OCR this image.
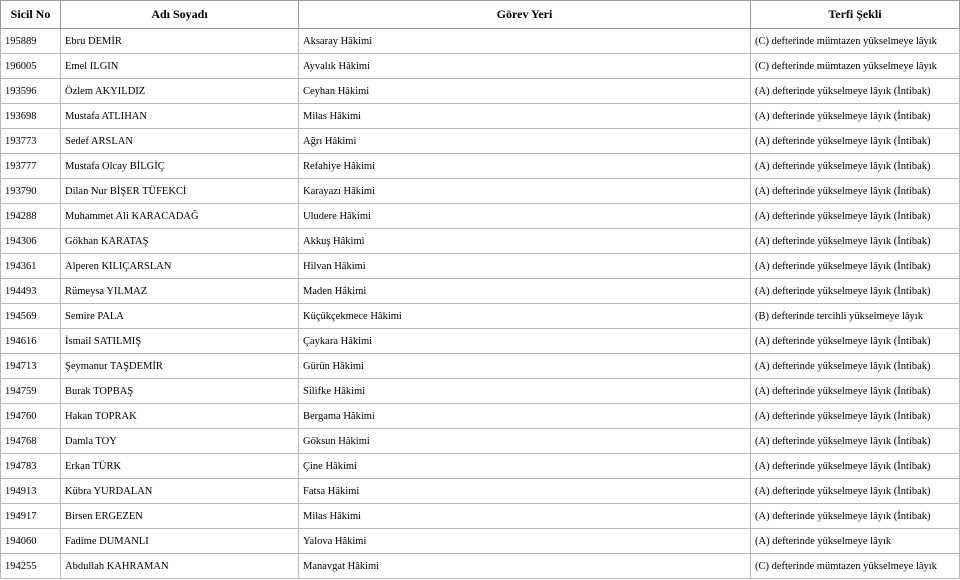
Sicil No	Adı Soyadı	Görev Yeri	Terfi Şekli
195889	Ebru DEMİR	Aksaray Hâkimi	(C) defterinde mümtazen yükselmeye lâyık
196005	Emel ILGIN	Ayvalık Hâkimi	(C) defterinde mümtazen yükselmeye lâyık
193596	Özlem AKYILDIZ	Ceyhan Hâkimi	(A) defterinde yükselmeye lâyık (İntibak)
193698	Mustafa ATLIHAN	Milas Hâkimi	(A) defterinde yükselmeye lâyık (İntibak)
193773	Sedef ARSLAN	Ağrı Hâkimi	(A) defterinde yükselmeye lâyık (İntibak)
193777	Mustafa Olcay BİLGİÇ	Refahiye Hâkimi	(A) defterinde yükselmeye lâyık (İntibak)
193790	Dilan Nur BİŞER TÜFEKCİ	Karayazı Hâkimi	(A) defterinde yükselmeye lâyık (İntibak)
194288	Muhammet Ali KARACADAĞ	Uludere Hâkimi	(A) defterinde yükselmeye lâyık (İntibak)
194306	Gökhan KARATAŞ	Akkuş Hâkimi	(A) defterinde yükselmeye lâyık (İntibak)
194361	Alperen KILIÇARSLAN	Hilvan Hâkimi	(A) defterinde yükselmeye lâyık (İntibak)
194493	Rümeysa YILMAZ	Maden Hâkimi	(A) defterinde yükselmeye lâyık (İntibak)
194569	Semire PALA	Küçükçekmece Hâkimi	(B) defterinde tercihli yükselmeye lâyık
194616	İsmail SATILMIŞ	Çaykara Hâkimi	(A) defterinde yükselmeye lâyık (İntibak)
194713	Şeymanur TAŞDEMİR	Gürün Hâkimi	(A) defterinde yükselmeye lâyık (İntibak)
194759	Burak TOPBAŞ	Silifke Hâkimi	(A) defterinde yükselmeye lâyık (İntibak)
194760	Hakan TOPRAK	Bergama Hâkimi	(A) defterinde yükselmeye lâyık (İntibak)
194768	Damla TOY	Göksun Hâkimi	(A) defterinde yükselmeye lâyık (İntibak)
194783	Erkan TÜRK	Çine Hâkimi	(A) defterinde yükselmeye lâyık (İntibak)
194913	Kübra YURDALAN	Fatsa Hâkimi	(A) defterinde yükselmeye lâyık (İntibak)
194917	Birsen ERGEZEN	Milas Hâkimi	(A) defterinde yükselmeye lâyık (İntibak)
194060	Fadime DUMANLI	Yalova Hâkimi	(A) defterinde yükselmeye lâyık
194255	Abdullah KAHRAMAN	Manavgat Hâkimi	(C) defterinde mümtazen yükselmeye lâyık
